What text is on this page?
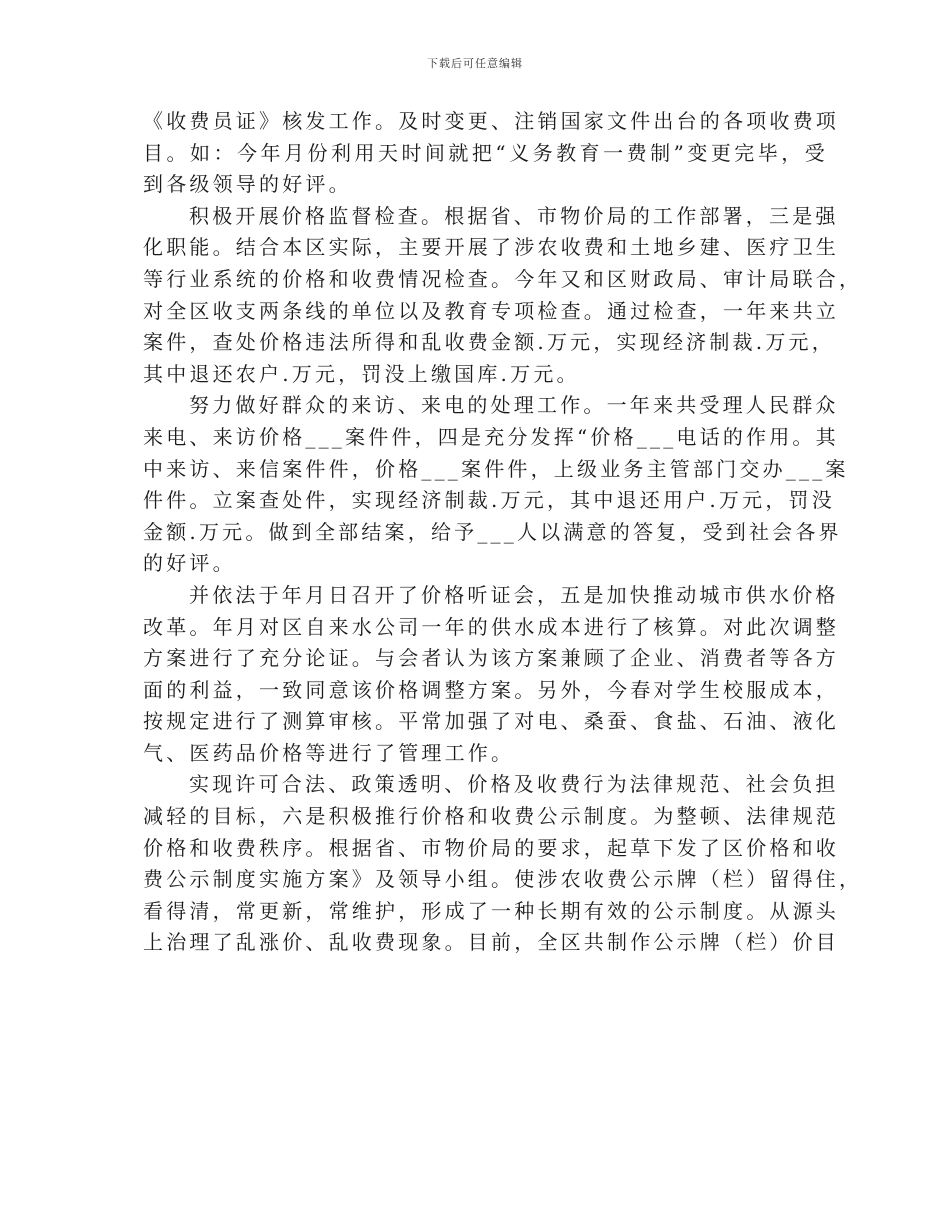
下载后可任意编辑

《收费员证》核发工作。及时变更、注销国家文件出台的各项收费项
目。如：今年月份利用天时间就把“义务教育一费制”变更完毕，受
到各级领导的好评。

积极开展价格监督检查。根据省、市物价局的工作部署，三是强
化职能。结合本区实际，主要开展了涉农收费和土地乡建、医疗卫生
等行业系统的价格和收费情况检查。今年又和区财政局、审计局联合，
对全区收支两条线的单位以及教育专项检查。通过检查，一年来共立
案件，查处价格违法所得和乱收费金额.万元，实现经济制裁.万元，
其中退还农户.万元，罚没上缴国库.万元。

努力做好群众的来访、来电的处理工作。一年来共受理人民群众
来电、来访价格___案件件，四是充分发挥“价格___电话的作用。其
中来访、来信案件件，价格___案件件，上级业务主管部门交办___案
件件。立案查处件，实现经济制裁.万元，其中退还用户.万元，罚没
金额.万元。做到全部结案，给予___人以满意的答复，受到社会各界
的好评。

并依法于年月日召开了价格听证会，五是加快推动城市供水价格
改革。年月对区自来水公司一年的供水成本进行了核算。对此次调整
方案进行了充分论证。与会者认为该方案兼顾了企业、消费者等各方
面的利益，一致同意该价格调整方案。另外，今春对学生校服成本，
按规定进行了测算审核。平常加强了对电、桑蚕、食盐、石油、液化
气、医药品价格等进行了管理工作。

实现许可合法、政策透明、价格及收费行为法律规范、社会负担
减轻的目标，六是积极推行价格和收费公示制度。为整顿、法律规范
价格和收费秩序。根据省、市物价局的要求，起草下发了区价格和收
费公示制度实施方案》及领导小组。使涉农收费公示牌（栏）留得住，
看得清，常更新，常维护，形成了一种长期有效的公示制度。从源头
上治理了乱涨价、乱收费现象。目前，全区共制作公示牌（栏）价目
